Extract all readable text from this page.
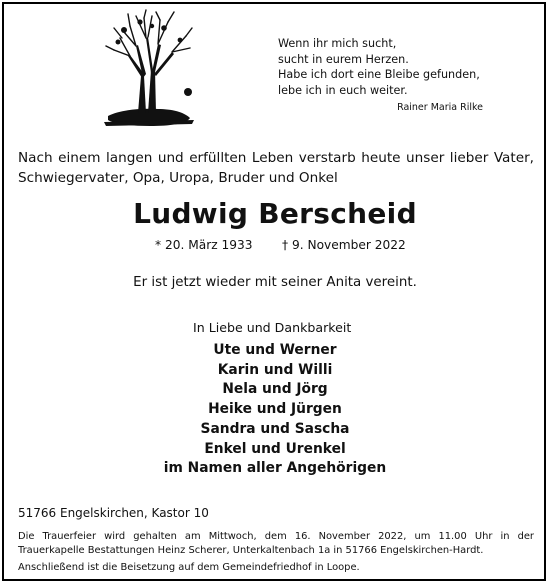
Wenn ihr mich sucht,
sucht in eurem Herzen.
Habe ich dort eine Bleibe gefunden,
lebe ich in euch weiter.
Rainer Maria Rilke
Nach einem langen und erfüllten Leben verstarb heute unser lieber Vater, Schwiegervater, Opa, Uropa, Bruder und Onkel
Ludwig Berscheid
* 20. März 1933 † 9. November 2022
Er ist jetzt wieder mit seiner Anita vereint.
In Liebe und Dankbarkeit
Ute und Werner
Karin und Willi
Nela und Jörg
Heike und Jürgen
Sandra und Sascha
Enkel und Urenkel
im Namen aller Angehörigen
51766 Engelskirchen, Kastor 10
Die Trauerfeier wird gehalten am Mittwoch, dem 16. November 2022, um 11.00 Uhr in der Trauerkapelle Bestattungen Heinz Scherer, Unterkaltenbach 1a in 51766 Engelskirchen-Hardt.
Anschließend ist die Beisetzung auf dem Gemeindefriedhof in Loope.
